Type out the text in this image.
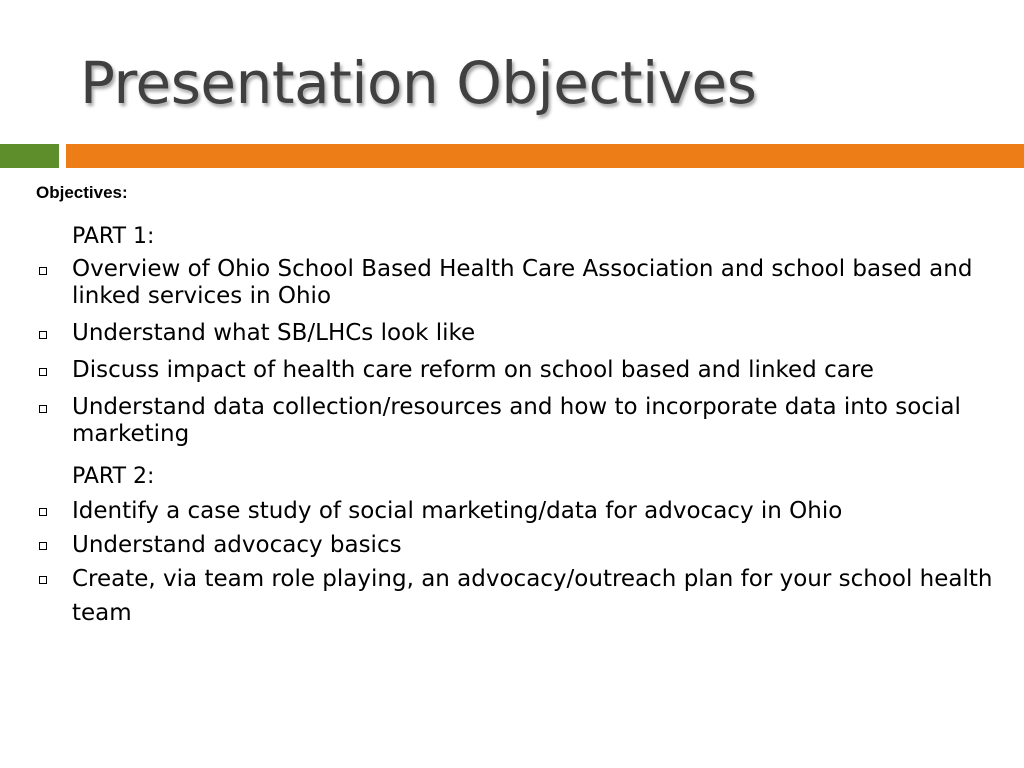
Presentation Objectives
Objectives:
PART 1:
Overview of Ohio School Based Health Care Association and school based and linked services in Ohio
Understand what SB/LHCs look like
Discuss impact of health care reform on school based and linked care
Understand data collection/resources and how to incorporate data into social marketing
PART 2:
Identify a case study of social marketing/data for advocacy in Ohio
Understand advocacy basics
Create, via team role playing, an advocacy/outreach plan for your school health team
